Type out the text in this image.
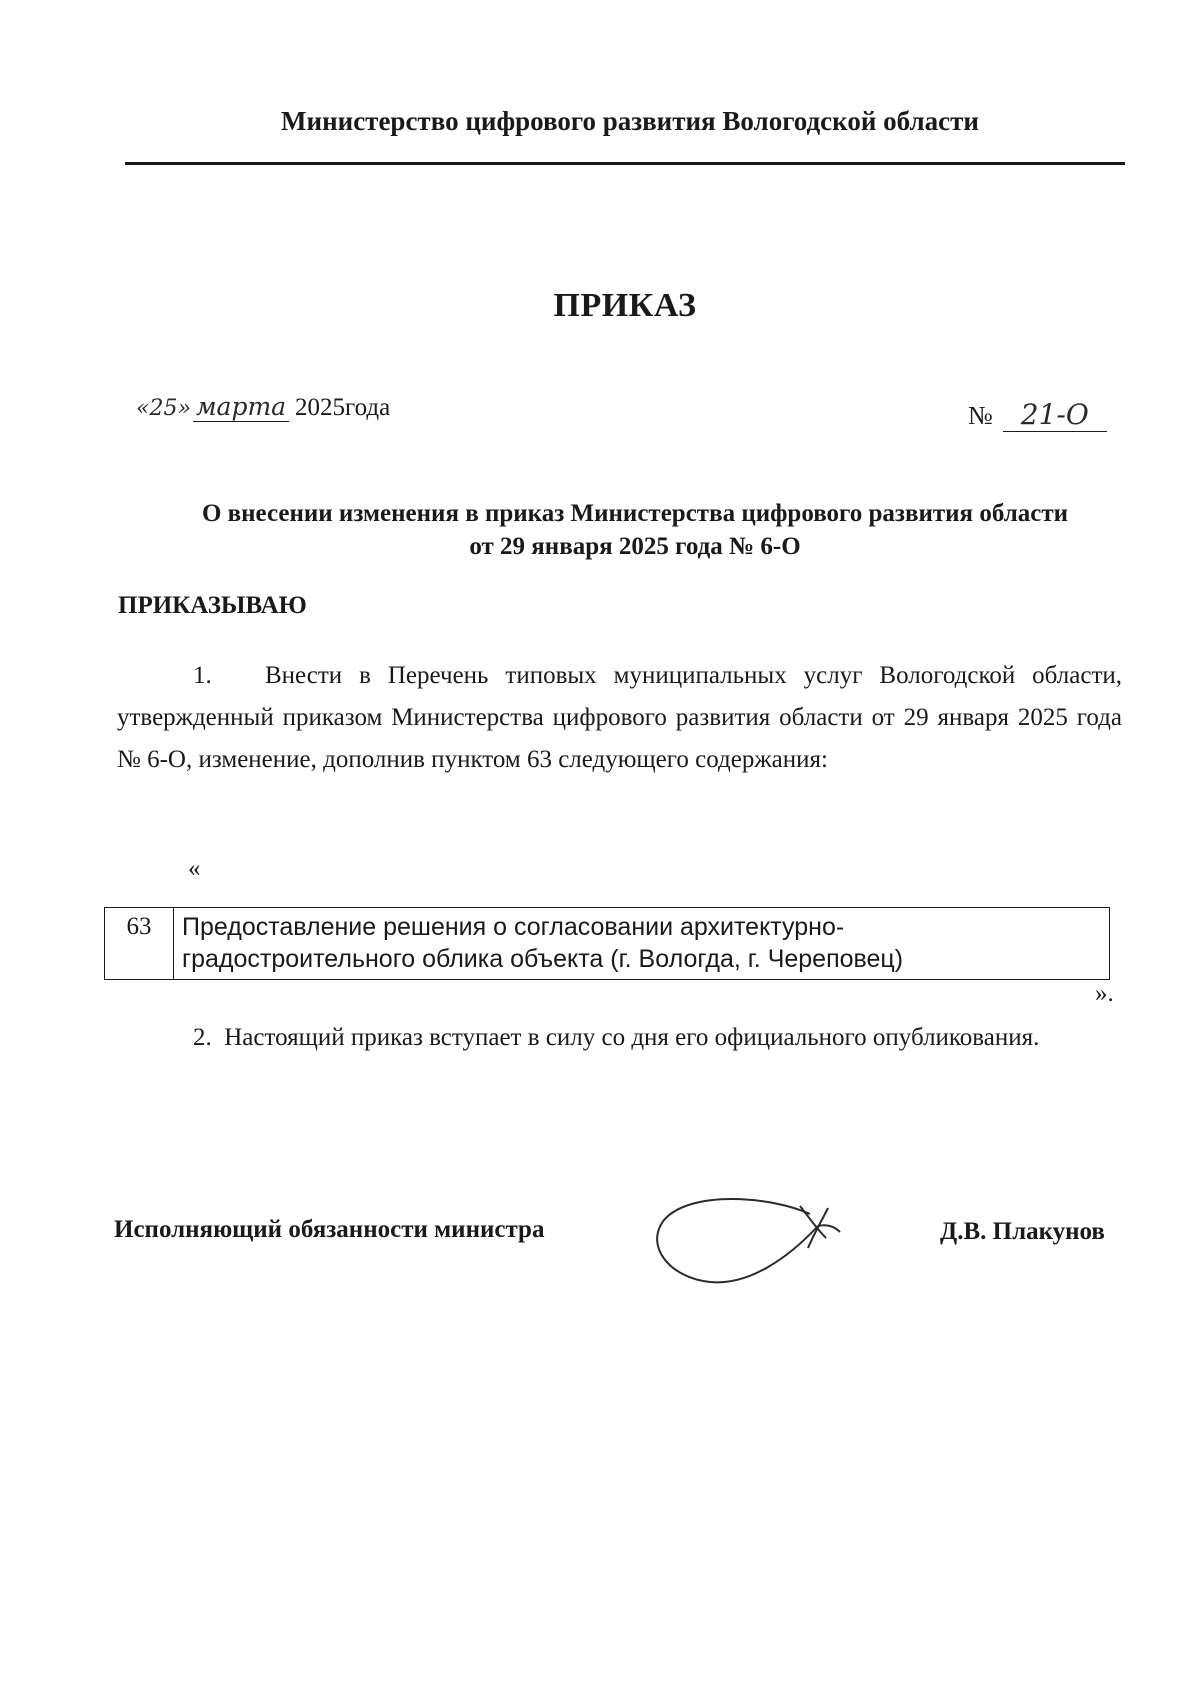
Министерство цифрового развития Вологодской области
ПРИКАЗ
«25» марта 2025года	№ 21-О
О внесении изменения в приказ Министерства цифрового развития области
от 29 января 2025 года № 6-О
ПРИКАЗЫВАЮ
1. Внести в Перечень типовых муниципальных услуг Вологодской области, утвержденный приказом Министерства цифрового развития области от 29 января 2025 года № 6-О, изменение, дополнив пунктом 63 следующего содержания:
«
63	Предоставление решения о согласовании архитектурно-
градостроительного облика объекта (г. Вологда, г. Череповец)
».
2. Настоящий приказ вступает в силу со дня его официального опубликования.
Исполняющий обязанности министра	Д.В. Плакунов
